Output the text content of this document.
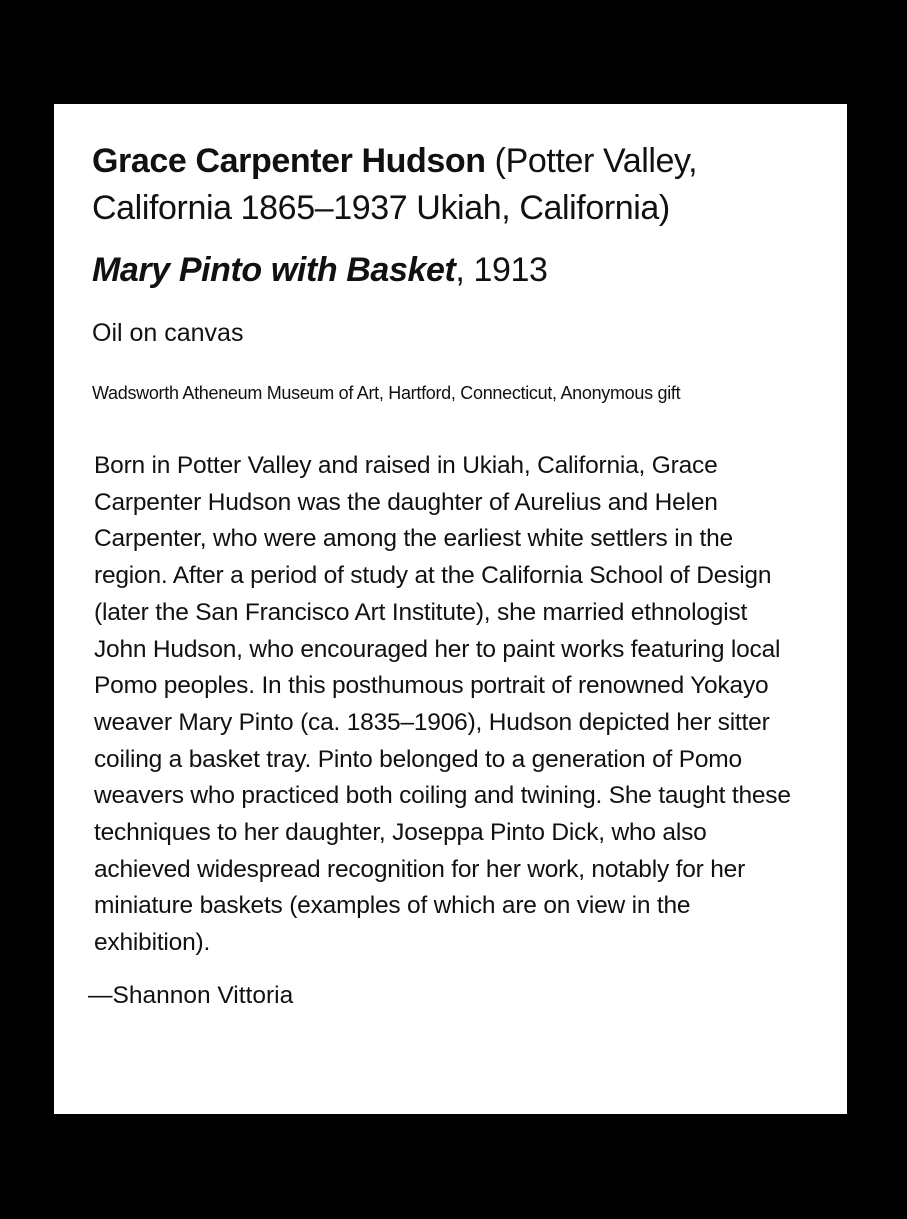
Grace Carpenter Hudson (Potter Valley, California 1865–1937 Ukiah, California)

Mary Pinto with Basket, 1913

Oil on canvas

Wadsworth Atheneum Museum of Art, Hartford, Connecticut, Anonymous gift

Born in Potter Valley and raised in Ukiah, California, Grace Carpenter Hudson was the daughter of Aurelius and Helen Carpenter, who were among the earliest white settlers in the region. After a period of study at the California School of Design (later the San Francisco Art Institute), she married ethnologist John Hudson, who encouraged her to paint works featuring local Pomo peoples. In this posthumous portrait of renowned Yokayo weaver Mary Pinto (ca. 1835–1906), Hudson depicted her sitter coiling a basket tray. Pinto belonged to a generation of Pomo weavers who practiced both coiling and twining. She taught these techniques to her daughter, Joseppa Pinto Dick, who also achieved widespread recognition for her work, notably for her miniature baskets (examples of which are on view in the exhibition).

—Shannon Vittoria
